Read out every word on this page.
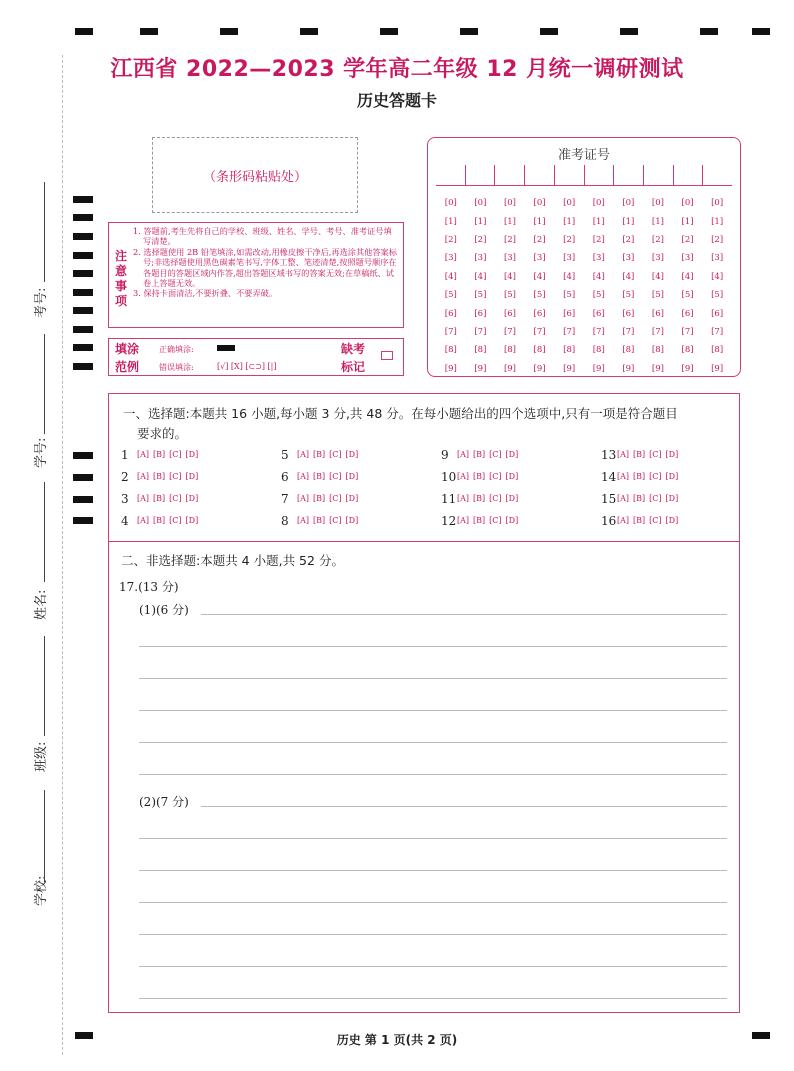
考号:
学号:
姓名:
班级:
学校:
江西省 2022—2023 学年高二年级 12 月统一调研测试
历史答题卡
（条形码粘贴处）
注意事项
1. 答题前,考生先将自己的学校、班级、姓名、学号、考号、准考证号填写清楚。
2. 选择题使用 2B 铅笔填涂,如需改动,用橡皮擦干净后,再选涂其他答案标号;非选择题使用黑色碳素笔书写,字体工整、笔迹清楚,按照题号顺序在各题目的答题区域内作答,超出答题区域书写的答案无效;在草稿纸、试卷上答题无效。
3. 保持卡面清洁,不要折叠、不要弄破。
填涂
范例
正确填涂:
错误填涂:	[√] [X] [⊂⊃] [|]
缺考
标记
准考证号
[0]	[0]	[0]	[0]	[0]	[0]	[0]	[0]	[0]	[0]
[1]	[1]	[1]	[1]	[1]	[1]	[1]	[1]	[1]	[1]
[2]	[2]	[2]	[2]	[2]	[2]	[2]	[2]	[2]	[2]
[3]	[3]	[3]	[3]	[3]	[3]	[3]	[3]	[3]	[3]
[4]	[4]	[4]	[4]	[4]	[4]	[4]	[4]	[4]	[4]
[5]	[5]	[5]	[5]	[5]	[5]	[5]	[5]	[5]	[5]
[6]	[6]	[6]	[6]	[6]	[6]	[6]	[6]	[6]	[6]
[7]	[7]	[7]	[7]	[7]	[7]	[7]	[7]	[7]	[7]
[8]	[8]	[8]	[8]	[8]	[8]	[8]	[8]	[8]	[8]
[9]	[9]	[9]	[9]	[9]	[9]	[9]	[9]	[9]	[9]
一、选择题:本题共 16 小题,每小题 3 分,共 48 分。在每小题给出的四个选项中,只有一项是符合题目
要求的。
1 [A] [B] [C] [D]
2 [A] [B] [C] [D]
3 [A] [B] [C] [D]
4 [A] [B] [C] [D]
5 [A] [B] [C] [D]
6 [A] [B] [C] [D]
7 [A] [B] [C] [D]
8 [A] [B] [C] [D]
9 [A] [B] [C] [D]
10[A] [B] [C] [D]
11[A] [B] [C] [D]
12[A] [B] [C] [D]
13[A] [B] [C] [D]
14[A] [B] [C] [D]
15[A] [B] [C] [D]
16[A] [B] [C] [D]
二、非选择题:本题共 4 小题,共 52 分。
17.(13 分)
(1)(6 分)
(2)(7 分)
历史 第 1 页(共 2 页)
